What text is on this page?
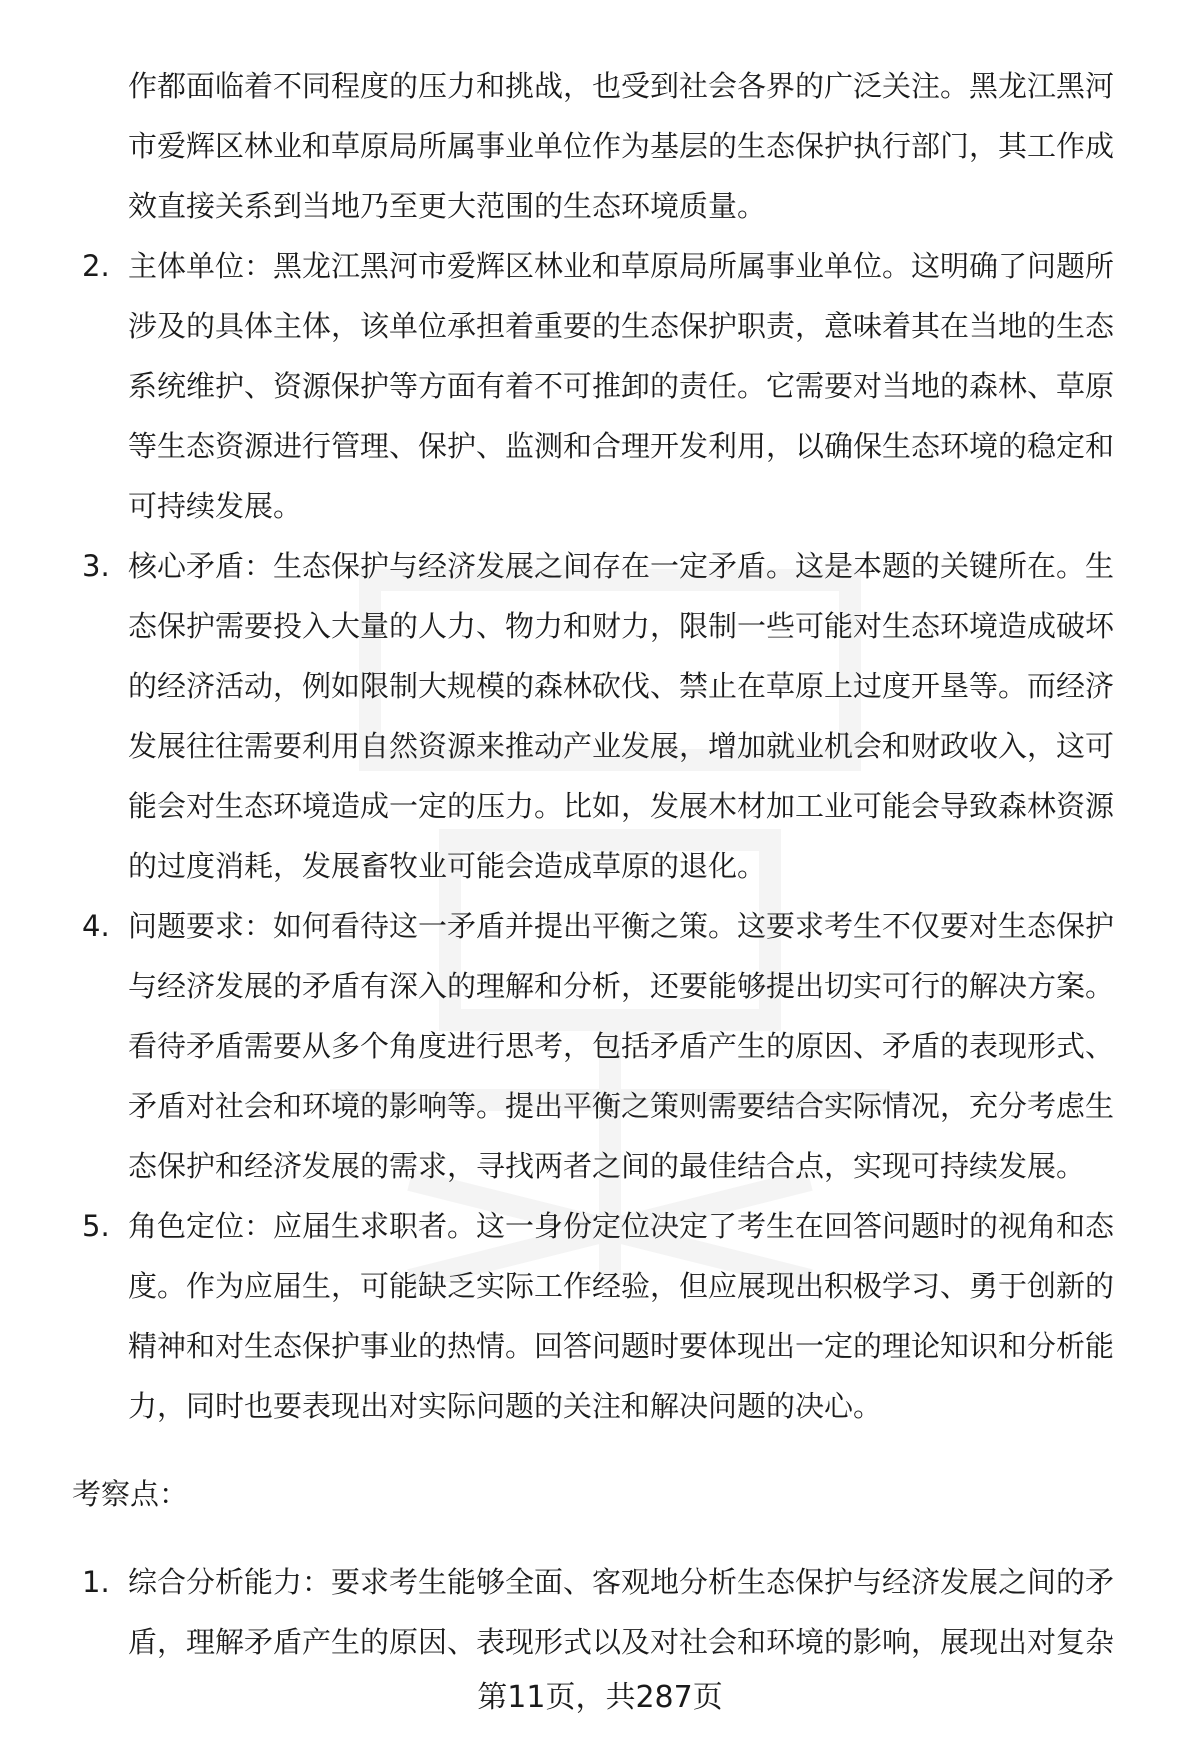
作都面临着不同程度的压力和挑战，也受到社会各界的广泛关注。黑龙江黑河市爱辉区林业和草原局所属事业单位作为基层的生态保护执行部门，其工作成效直接关系到当地乃至更大范围的生态环境质量。
2. 主体单位：黑龙江黑河市爱辉区林业和草原局所属事业单位。这明确了问题所涉及的具体主体，该单位承担着重要的生态保护职责，意味着其在当地的生态系统维护、资源保护等方面有着不可推卸的责任。它需要对当地的森林、草原等生态资源进行管理、保护、监测和合理开发利用，以确保生态环境的稳定和可持续发展。
3. 核心矛盾：生态保护与经济发展之间存在一定矛盾。这是本题的关键所在。生态保护需要投入大量的人力、物力和财力，限制一些可能对生态环境造成破坏的经济活动，例如限制大规模的森林砍伐、禁止在草原上过度开垦等。而经济发展往往需要利用自然资源来推动产业发展，增加就业机会和财政收入，这可能会对生态环境造成一定的压力。比如，发展木材加工业可能会导致森林资源的过度消耗，发展畜牧业可能会造成草原的退化。
4. 问题要求：如何看待这一矛盾并提出平衡之策。这要求考生不仅要对生态保护与经济发展的矛盾有深入的理解和分析，还要能够提出切实可行的解决方案。看待矛盾需要从多个角度进行思考，包括矛盾产生的原因、矛盾的表现形式、矛盾对社会和环境的影响等。提出平衡之策则需要结合实际情况，充分考虑生态保护和经济发展的需求，寻找两者之间的最佳结合点，实现可持续发展。
5. 角色定位：应届生求职者。这一身份定位决定了考生在回答问题时的视角和态度。作为应届生，可能缺乏实际工作经验，但应展现出积极学习、勇于创新的精神和对生态保护事业的热情。回答问题时要体现出一定的理论知识和分析能力，同时也要表现出对实际问题的关注和解决问题的决心。
考察点：
1. 综合分析能力：要求考生能够全面、客观地分析生态保护与经济发展之间的矛盾，理解矛盾产生的原因、表现形式以及对社会和环境的影响，展现出对复杂
第11页，共287页
